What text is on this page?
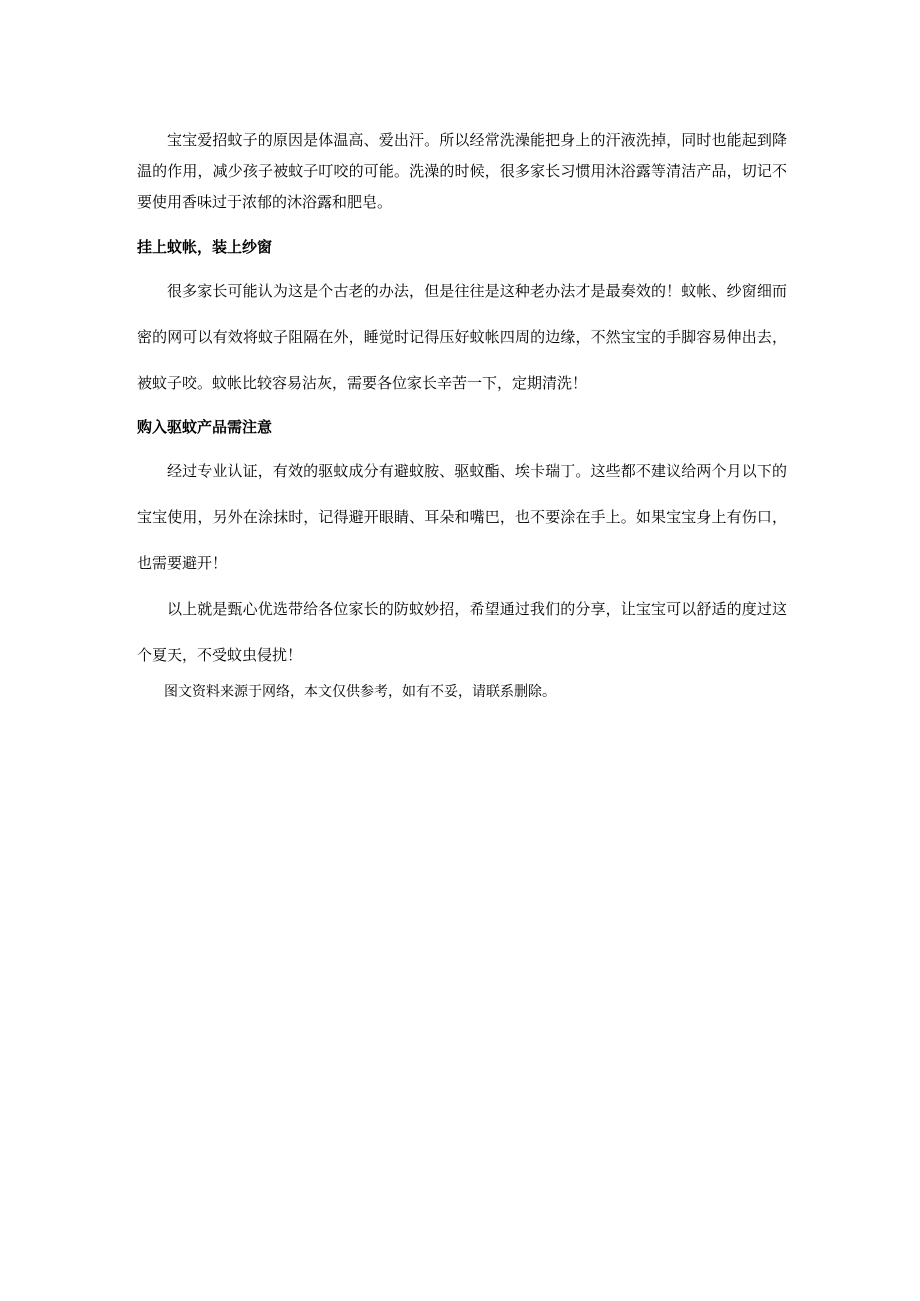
宝宝爱招蚊子的原因是体温高、爱出汗。所以经常洗澡能把身上的汗液洗掉，同时也能起到降温的作用，减少孩子被蚊子叮咬的可能。洗澡的时候，很多家长习惯用沐浴露等清洁产品，切记不要使用香味过于浓郁的沐浴露和肥皂。

挂上蚊帐，装上纱窗

很多家长可能认为这是个古老的办法，但是往往是这种老办法才是最奏效的！蚊帐、纱窗细而密的网可以有效将蚊子阻隔在外，睡觉时记得压好蚊帐四周的边缘，不然宝宝的手脚容易伸出去，被蚊子咬。蚊帐比较容易沾灰，需要各位家长辛苦一下，定期清洗！

购入驱蚊产品需注意

经过专业认证，有效的驱蚊成分有避蚊胺、驱蚊酯、埃卡瑞丁。这些都不建议给两个月以下的宝宝使用，另外在涂抹时，记得避开眼睛、耳朵和嘴巴，也不要涂在手上。如果宝宝身上有伤口，也需要避开！

以上就是甄心优选带给各位家长的防蚊妙招，希望通过我们的分享，让宝宝可以舒适的度过这个夏天，不受蚊虫侵扰！

图文资料来源于网络，本文仅供参考，如有不妥，请联系删除。
